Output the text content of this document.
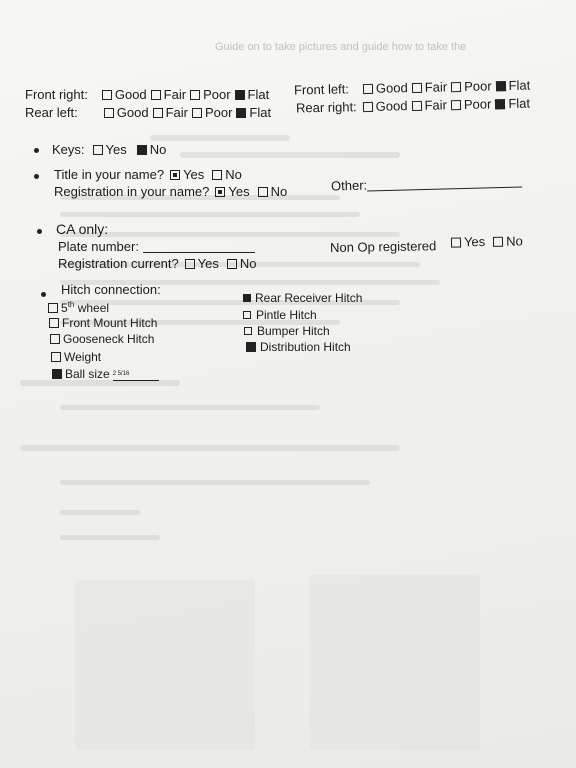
Guide on to take pictures and guide how to take the
Front right: Good Fair Poor Flat
Rear left:	Good Fair Poor Flat
Front left: Good Fair Poor Flat
Rear right: Good Fair Poor Flat
Keys: Yes No
Title in your name? Yes No
Registration in your name? Yes No	Other:
CA only:
Plate number:
Registration current? Yes No
Non Op registered Yes No
Hitch connection:
5th wheel
Front Mount Hitch
Gooseneck Hitch
Weight
Ball size $^{2 5/16}$
Rear Receiver Hitch
Pintle Hitch
Bumper Hitch
Distribution Hitch
